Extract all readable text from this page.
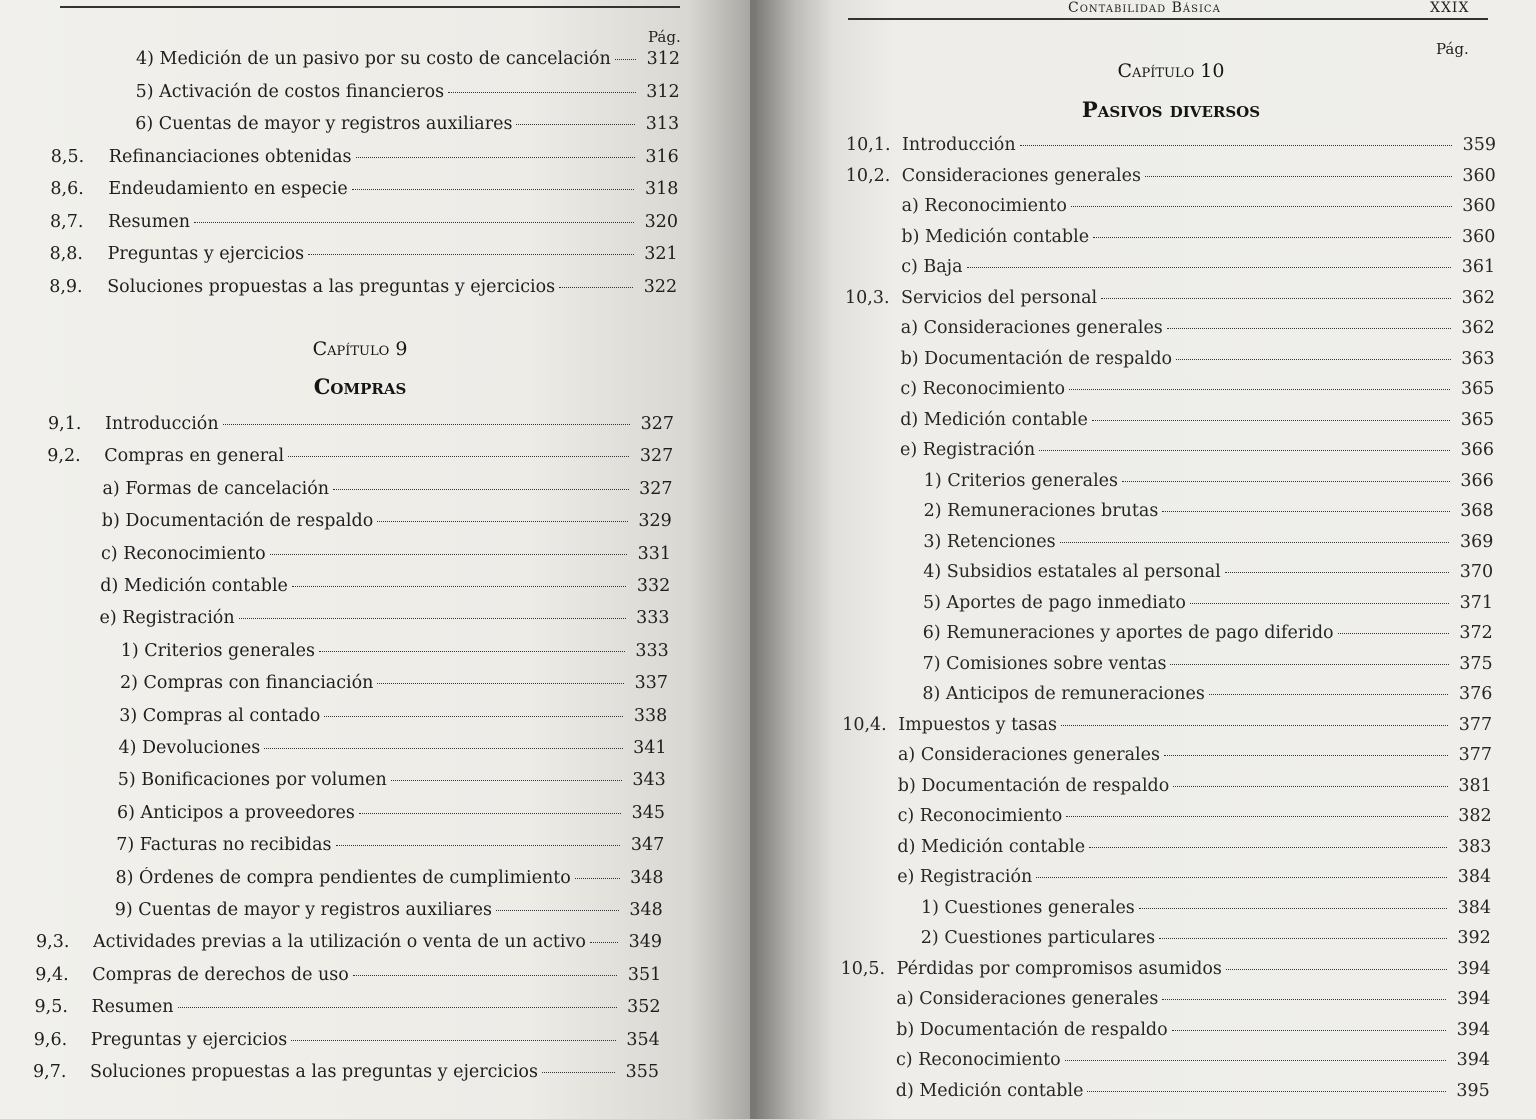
Pág.
4) Medición de un pasivo por su costo de cancelación	312
5) Activación de costos financieros	312
6) Cuentas de mayor y registros auxiliares	313
8,5. Refinanciaciones obtenidas	316
8,6. Endeudamiento en especie	318
8,7. Resumen	320
8,8. Preguntas y ejercicios	321
8,9. Soluciones propuestas a las preguntas y ejercicios	322
Capítulo 9
Compras
9,1. Introducción	327
9,2. Compras en general	327
a) Formas de cancelación	327
b) Documentación de respaldo	329
c) Reconocimiento	331
d) Medición contable	332
e) Registración	333
1) Criterios generales	333
2) Compras con financiación	337
3) Compras al contado	338
4) Devoluciones	341
5) Bonificaciones por volumen	343
6) Anticipos a proveedores	345
7) Facturas no recibidas	347
8) Órdenes de compra pendientes de cumplimiento	348
9) Cuentas de mayor y registros auxiliares	348
9,3. Actividades previas a la utilización o venta de un activo	349
9,4. Compras de derechos de uso	351
9,5. Resumen	352
9,6. Preguntas y ejercicios	354
9,7. Soluciones propuestas a las preguntas y ejercicios	355
Contabilidad Básica	XXIX
Pág.
Capítulo 10
Pasivos diversos
10,1. Introducción	359
10,2. Consideraciones generales	360
a) Reconocimiento	360
b) Medición contable	360
c) Baja	361
10,3. Servicios del personal	362
a) Consideraciones generales	362
b) Documentación de respaldo	363
c) Reconocimiento	365
d) Medición contable	365
e) Registración	366
1) Criterios generales	366
2) Remuneraciones brutas	368
3) Retenciones	369
4) Subsidios estatales al personal	370
5) Aportes de pago inmediato	371
6) Remuneraciones y aportes de pago diferido	372
7) Comisiones sobre ventas	375
8) Anticipos de remuneraciones	376
10,4. Impuestos y tasas	377
a) Consideraciones generales	377
b) Documentación de respaldo	381
c) Reconocimiento	382
d) Medición contable	383
e) Registración	384
1) Cuestiones generales	384
2) Cuestiones particulares	392
10,5. Pérdidas por compromisos asumidos	394
a) Consideraciones generales	394
b) Documentación de respaldo	394
c) Reconocimiento	394
d) Medición contable	395
